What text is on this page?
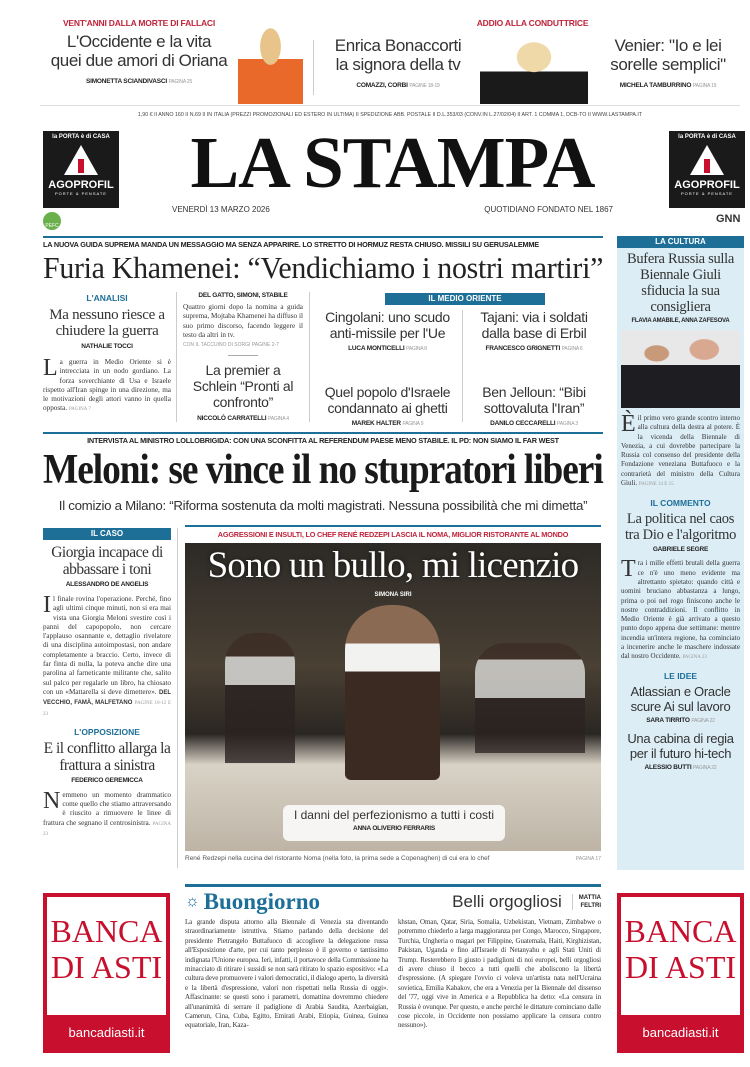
VENT'ANNI DALLA MORTE DI FALLACI
L'Occidente e la vita
quei due amori di Oriana
SIMONETTA SCIANDIVASCI PAGINA 25
Enrica Bonaccorti
la signora della tv
COMAZZI, CORBI PAGINE 18-19
ADDIO ALLA CONDUTTRICE
Venier: "Io e lei
sorelle semplici"
MICHELA TAMBURRINO PAGINA 19
1,90 € II ANNO 160 II N.69 II IN ITALIA (PREZZI PROMOZIONALI ED ESTERO IN ULTIMA) II SPEDIZIONE ABB. POSTALE II D.L.353/03 (CONV.IN L.27/02/04) II ART. 1 COMMA 1, DCB-TO II WWW.LASTAMPA.IT
la PORTA è di CASA
AGOPROFIL
PORTE & PENSATE
PEFC
la PORTA è di CASA
AGOPROFIL
PORTE & PENSATE
GNN
LA STAMPA
VENERDÌ 13 MARZO 2026	QUOTIDIANO FONDATO NEL 1867
LA NUOVA GUIDA SUPREMA MANDA UN MESSAGGIO MA SENZA APPARIRE. LO STRETTO DI HORMUZ RESTA CHIUSO. MISSILI SU GERUSALEMME
Furia Khamenei: “Vendichiamo i nostri martiri”
L'ANALISI
Ma nessuno riesce a chiudere la guerra
NATHALIE TOCCI
La guerra in Medio Oriente si è intrecciata in un nodo gordiano. La forza soverchiante di Usa e Israele rispetto all'Iran spinge in una direzione, ma le motivazioni degli attori vanno in quella opposta. PAGINA 7
DEL GATTO, SIMONI, STABILE
Quattro giorni dopo la nomina a guida suprema, Mojtaba Khamenei ha diffuso il suo primo discorso, facendo leggere il testo da altri in tv.
CON IL TACCUINO DI SORGI PAGINE 2-7
La premier a Schlein “Pronti al confronto”
NICCOLÒ CARRATELLI PAGINA 4
IL MEDIO ORIENTE
Cingolani: uno scudo anti-missile per l'Ue
LUCA MONTICELLI PAGINA 8
Quel popolo d'Israele condannato ai ghetti
MAREK HALTER PAGINA 9
Tajani: via i soldati dalla base di Erbil
FRANCESCO GRIGNETTI PAGINA 6
Ben Jelloun: “Bibi sottovaluta l'Iran”
DANILO CECCARELLI PAGINA 3
INTERVISTA AL MINISTRO LOLLOBRIGIDA: CON UNA SCONFITTA AL REFERENDUM PAESE MENO STABILE. IL PD: NON SIAMO IL FAR WEST
Meloni: se vince il no stupratori liberi
Il comizio a Milano: “Riforma sostenuta da molti magistrati. Nessuna possibilità che mi dimetta”
IL CASO
Giorgia incapace di abbassare i toni
ALESSANDRO DE ANGELIS
Il finale rovina l'operazione. Perché, fino agli ultimi cinque minuti, non si era mai vista una Giorgia Meloni svestire così i panni del capopopolo, non cercare l'applauso osannante e, dettaglio rivelatore di una disciplina autoimpostasi, non andare completamente a braccio. Certo, invece di far finta di nulla, la poteva anche dire una parolina al farneticante militante che, salito sul palco per regalarle un libro, ha chiosato con un «Mattarella si deve dimettere». DEL VECCHIO, FAMÀ, MALFETANO PAGINE 10-12 E 23
L'OPPOSIZIONE
E il conflitto allarga la frattura a sinistra
FEDERICO GEREMICCA
Nemmeno un momento drammatico come quello che stiamo attraversando è riuscito a rimuovere le linee di frattura che segnano il centrosinistra. PAGINA 23
AGGRESSIONI E INSULTI, LO CHEF RENÉ REDZEPI LASCIA IL NOMA, MIGLIOR RISTORANTE AL MONDO
Sono un bullo, mi licenzio
SIMONA SIRI
I danni del perfezionismo a tutti i costi
ANNA OLIVERIO FERRARIS
René Redzepi nella cucina del ristorante Noma (nella foto, la prima sede a Copenaghen) di cui era lo chef	PAGINA 17
LA CULTURA
Bufera Russia sulla Biennale Giuli sfiducia la sua consigliera
FLAVIA AMABILE, ANNA ZAFESOVA
Èil primo vero grande scontro interno alla cultura della destra al potere. È la vicenda della Biennale di Venezia, a cui dovrebbe partecipare la Russia col consenso del presidente della Fondazione veneziana Buttafuoco e la contrarietà del ministro della Cultura Giuli. PAGINE 14 E 15
IL COMMENTO
La politica nel caos tra Dio e l'algoritmo
GABRIELE SEGRE
Tra i mille effetti brutali della guerra ce n'è uno meno evidente ma altrettanto spietato: quando città e uomini bruciano abbastanza a lungo, prima o poi nel rogo finiscono anche le nostre contraddizioni. Il conflitto in Medio Oriente è già arrivato a questo punto dopo appena due settimane: mentre incendia un'intera regione, ha cominciato a incenerire anche le maschere indossate dal nostro Occidente. PAGINA 23
LE IDEE
Atlassian e Oracle scure Ai sul lavoro
SARA TIRRITO PAGINA 22
Una cabina di regia per il futuro hi-tech
ALESSIO BUTTI PAGINA 22
BANCA
DI ASTI
bancadiasti.it
BANCA
DI ASTI
bancadiasti.it
☼ Buongiorno	Belli orgogliosi	MATTIA
FELTRI
La grande disputa attorno alla Biennale di Venezia sta diventando straordinariamente istruttiva. Stiamo parlando della decisione del presidente Pietrangelo Buttafuoco di accogliere la delegazione russa all'Esposizione d'arte, per cui tanto perplesso è il governo e tantissimo indignata l'Unione europea. Ieri, infatti, il portavoce della Commissione ha minacciato di ritirare i sussidi se non sarà ritirato lo spazio espositivo: «La cultura deve promuovere i valori democratici, il dialogo aperto, la diversità e la libertà d'espressione, valori non rispettati nella Russia di oggi». Affascinante: se questi sono i parametri, domattina dovremmo chiedere all'unanimità di serrare il padiglione di Arabia Saudita, Azerbaigian, Camerun, Cina, Cuba, Egitto, Emirati Arabi, Etiopia, Guinea, Guinea equatoriale, Iran, Kaza-
khstan, Oman, Qatar, Siria, Somalia, Uzbekistan, Vietnam, Zimbabwe o potremmo chiederlo a larga maggioranza per Congo, Marocco, Singapore, Turchia, Ungheria o magari per Filippine, Guatemala, Haiti, Kirghizistan, Pakistan, Uganda e fino all'Israele di Netanyahu e agli Stati Uniti di Trump. Resterebbero lì giusto i padiglioni di noi europei, belli orgogliosi di avere chiuso il becco a tutti quelli che aboliscono la libertà d'espressione. (A spiegare l'ovvio ci voleva un'artista nata nell'Ucraina sovietica, Emilia Kabakov, che era a Venezia per la Biennale del dissenso del '77, oggi vive in America e a Repubblica ha detto: «La censura in Russia è ovunque. Per questo, e anche perché le dittature cominciano dalle cose piccole, in Occidente non possiamo applicare la censura contro nessuno»).
